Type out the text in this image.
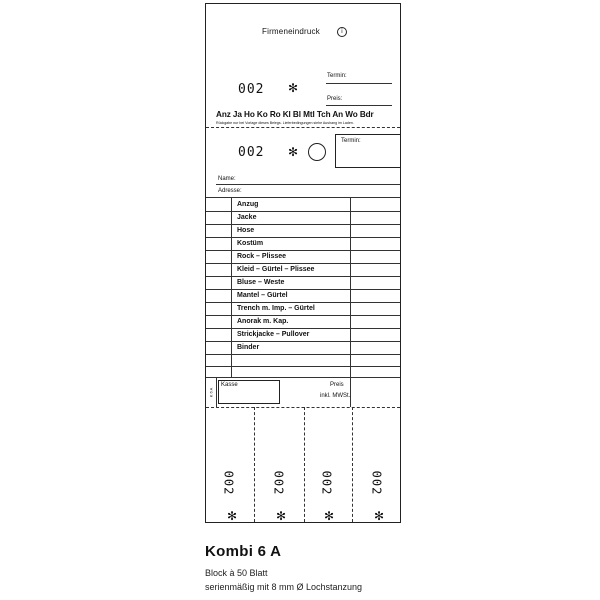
Firmeneindruck	i
Termin:
002 ✻
Preis:
Anz Ja Ho Ko Ro Kl Bl Mtl Tch An Wo Bdr
Rückgabe nur bei Vorlage dieses Belegs. Lieferbedingungen siehe Aushang im Laden.
002 ✻
Termin:
Name:
Adresse:
Anzug
Jacke
Hose
Kostüm
Rock – Plissee
Kleid – Gürtel – Plissee
Bluse – Weste
Mantel – Gürtel
Trench m. Imp. – Gürtel
Anorak m. Kap.
Strickjacke – Pullover
Binder
K 6 A
Kasse	Preis
inkl. MWSt.
002	002	002	002
✻	✻	✻	✻
Kombi 6 A
Block à 50 Blatt
serienmäßig mit 8 mm Ø Lochstanzung
